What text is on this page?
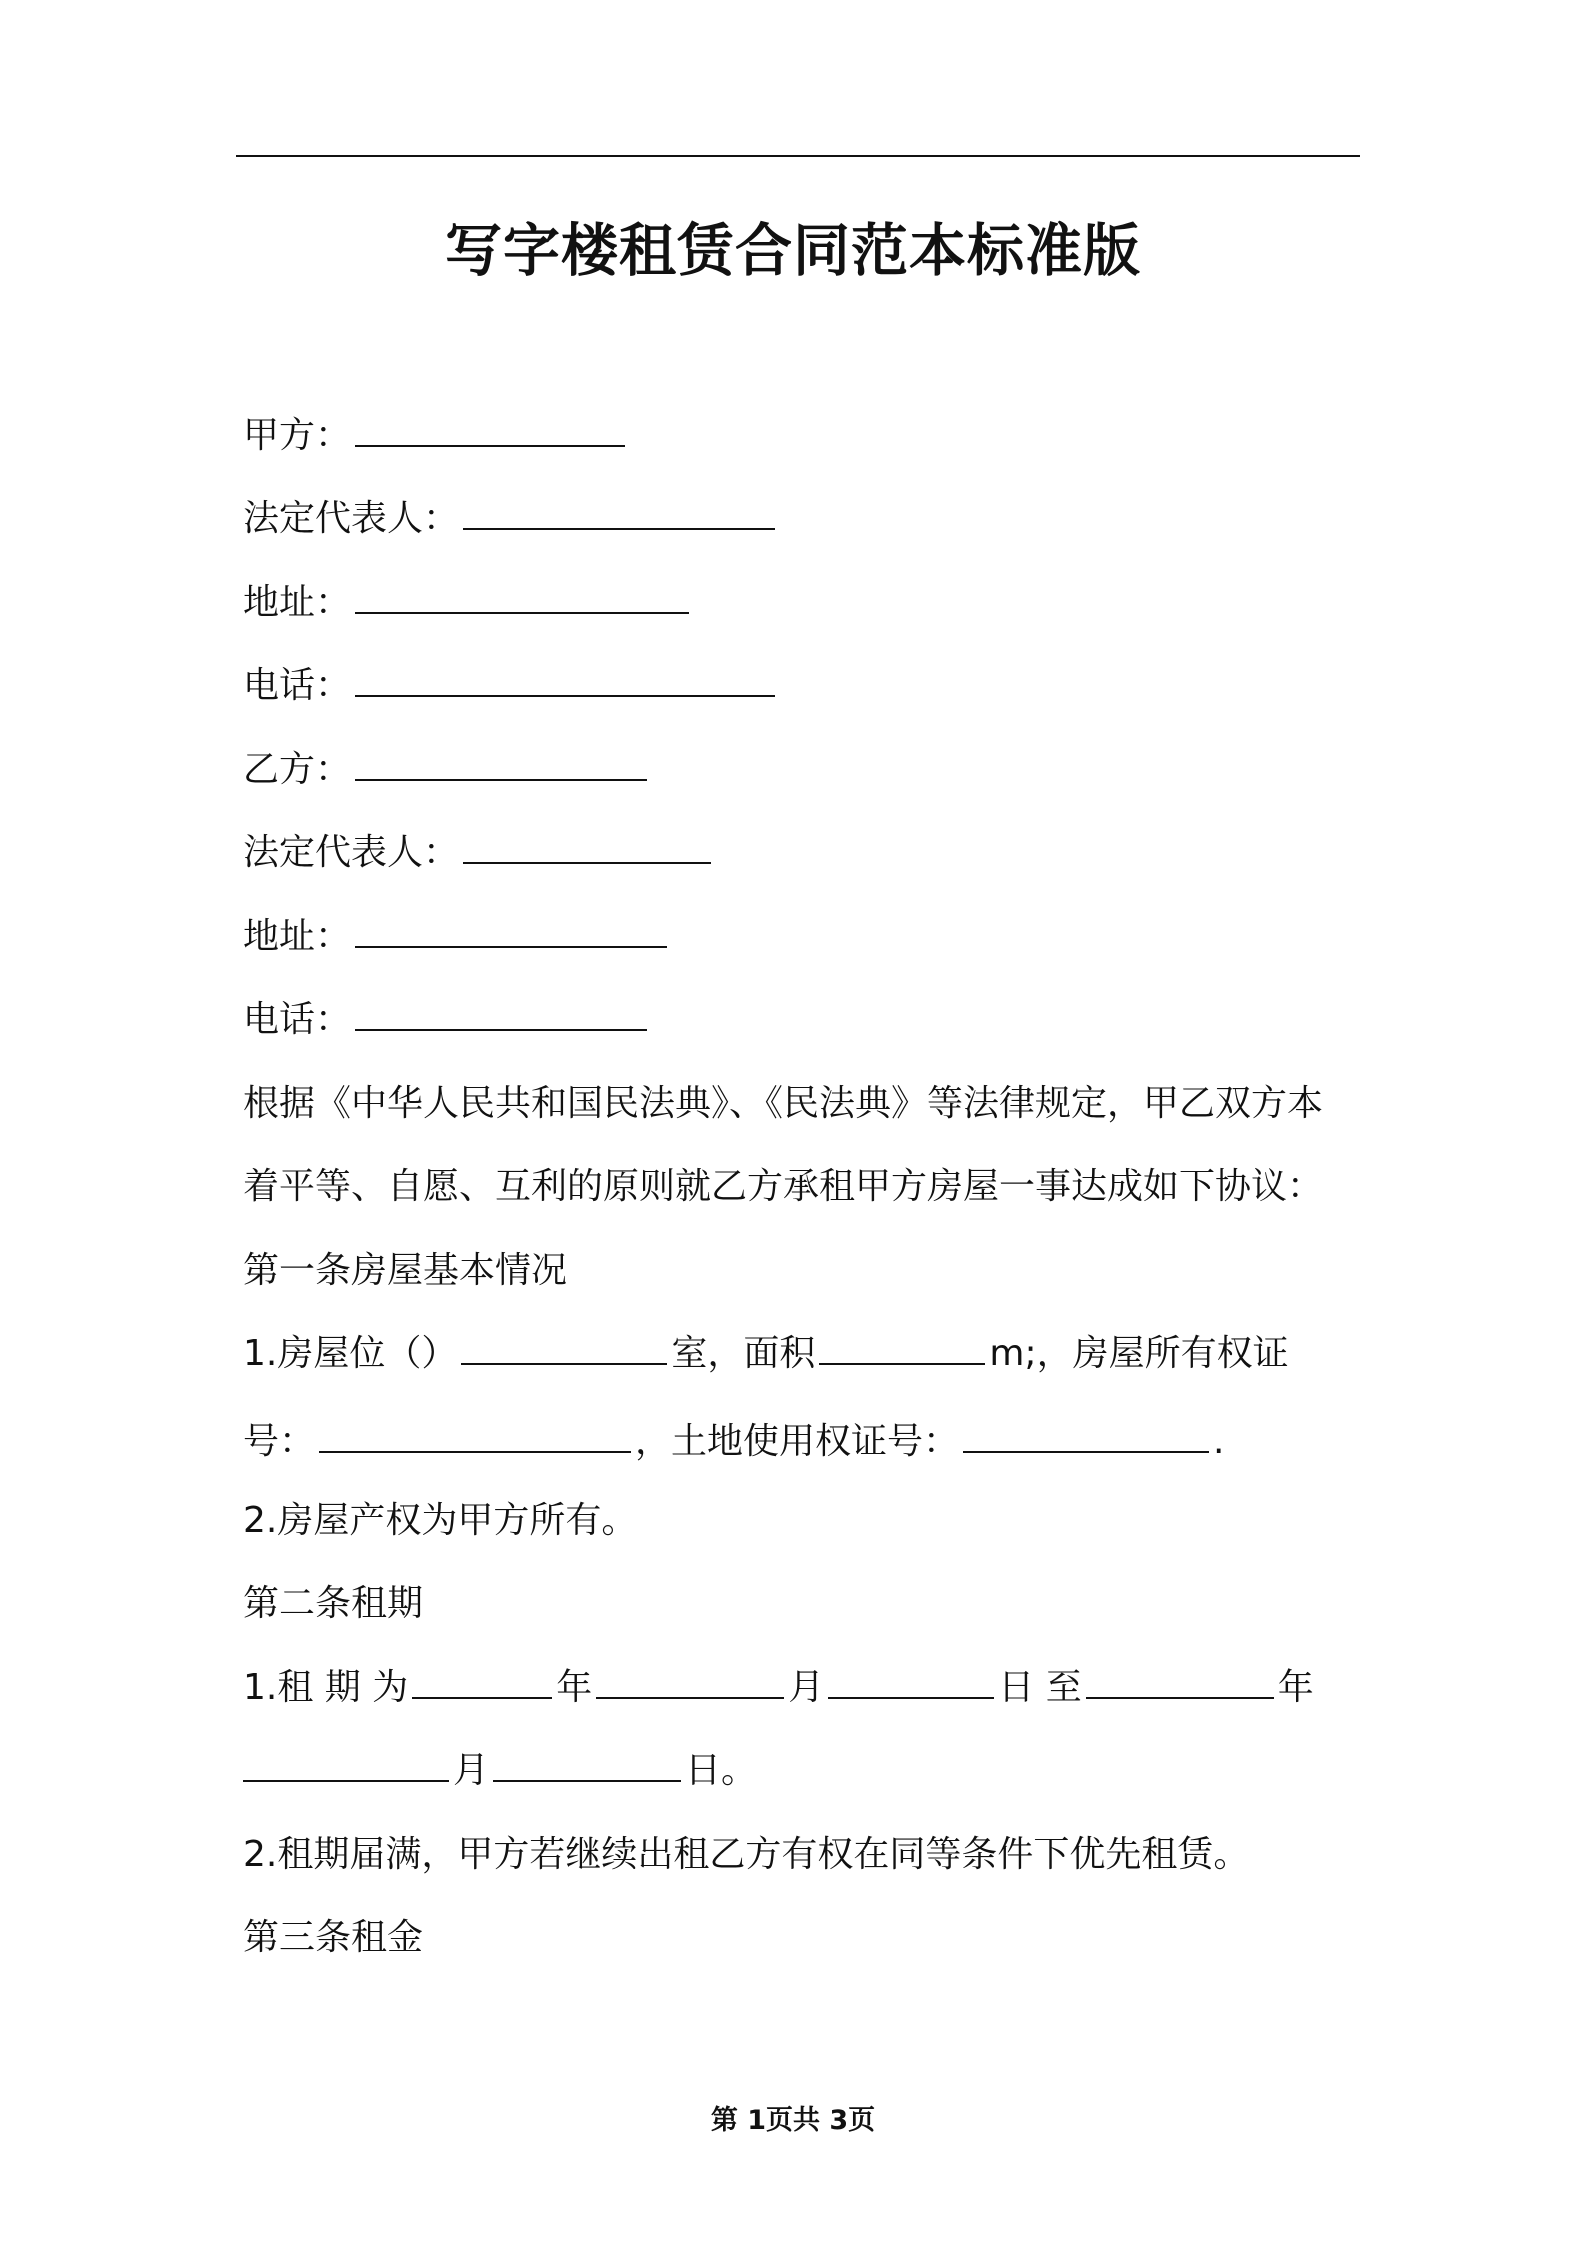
写字楼租赁合同范本标准版
甲方：
法定代表人：
地址：
电话：
乙方：
法定代表人：
地址：
电话：
根据《中华人民共和国民法典》、《民法典》等法律规定，甲乙双方本
着平等、自愿、互利的原则就乙方承租甲方房屋一事达成如下协议：
第一条房屋基本情况
1.房屋位（）	室，面积	m;，房屋所有权证
号：	，土地使用权证号：	.
2.房屋产权为甲方所有。
第二条租期
1.租 期 为	年	月	日 至	年
月	日。
2.租期届满，甲方若继续出租乙方有权在同等条件下优先租赁。
第三条租金
第 1页共 3页
